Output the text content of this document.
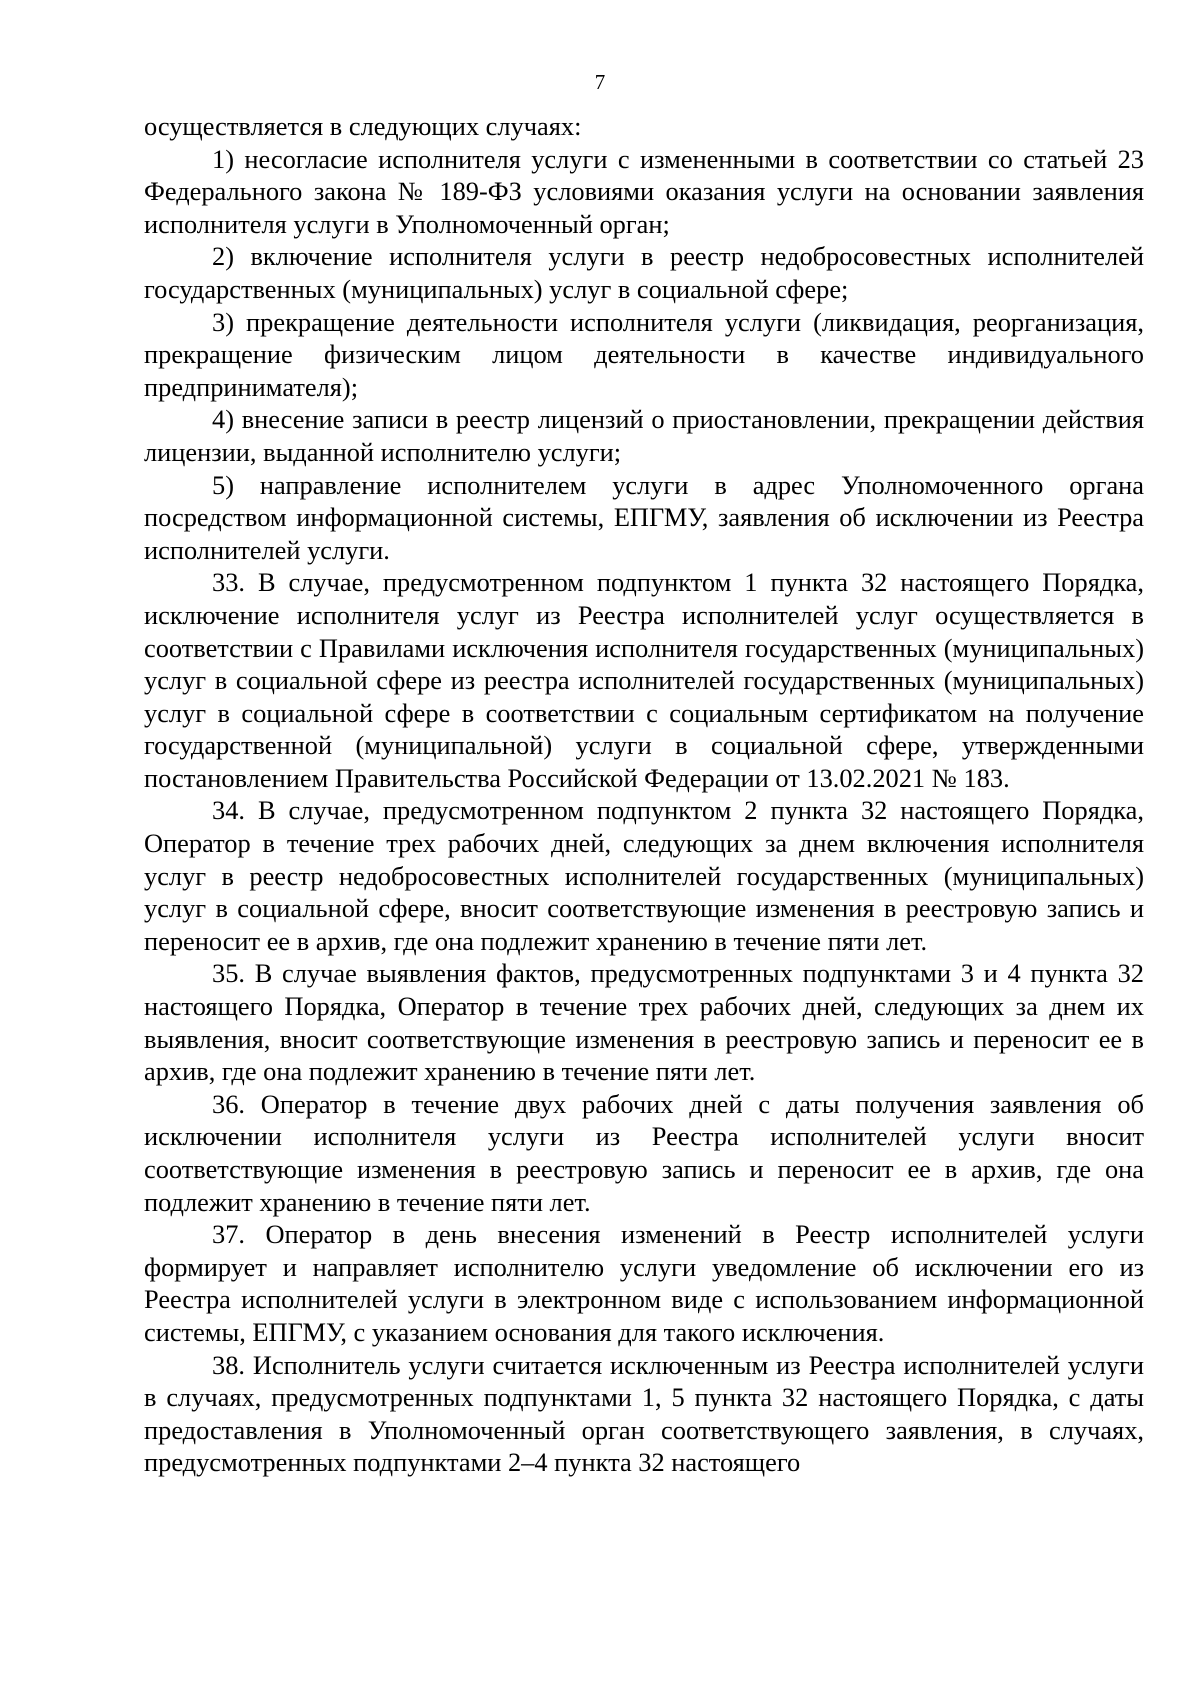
7

осуществляется в следующих случаях:

1) несогласие исполнителя услуги с измененными в соответствии со статьей 23 Федерального закона № 189-ФЗ условиями оказания услуги на основании заявления исполнителя услуги в Уполномоченный орган;

2) включение исполнителя услуги в реестр недобросовестных исполнителей государственных (муниципальных) услуг в социальной сфере;

3) прекращение деятельности исполнителя услуги (ликвидация, реорганизация, прекращение физическим лицом деятельности в качестве индивидуального предпринимателя);

4) внесение записи в реестр лицензий о приостановлении, прекращении действия лицензии, выданной исполнителю услуги;

5) направление исполнителем услуги в адрес Уполномоченного органа посредством информационной системы, ЕПГМУ, заявления об исключении из Реестра исполнителей услуги.

33. В случае, предусмотренном подпунктом 1 пункта 32 настоящего Порядка, исключение исполнителя услуг из Реестра исполнителей услуг осуществляется в соответствии с Правилами исключения исполнителя государственных (муниципальных) услуг в социальной сфере из реестра исполнителей государственных (муниципальных) услуг в социальной сфере в соответствии с социальным сертификатом на получение государственной (муниципальной) услуги в социальной сфере, утвержденными постановлением Правительства Российской Федерации от 13.02.2021 № 183.

34. В случае, предусмотренном подпунктом 2 пункта 32 настоящего Порядка, Оператор в течение трех рабочих дней, следующих за днем включения исполнителя услуг в реестр недобросовестных исполнителей государственных (муниципальных) услуг в социальной сфере, вносит соответствующие изменения в реестровую запись и переносит ее в архив, где она подлежит хранению в течение пяти лет.

35. В случае выявления фактов, предусмотренных подпунктами 3 и 4 пункта 32 настоящего Порядка, Оператор в течение трех рабочих дней, следующих за днем их выявления, вносит соответствующие изменения в реестровую запись и переносит ее в архив, где она подлежит хранению в течение пяти лет.

36. Оператор в течение двух рабочих дней с даты получения заявления об исключении исполнителя услуги из Реестра исполнителей услуги вносит соответствующие изменения в реестровую запись и переносит ее в архив, где она подлежит хранению в течение пяти лет.

37. Оператор в день внесения изменений в Реестр исполнителей услуги формирует и направляет исполнителю услуги уведомление об исключении его из Реестра исполнителей услуги в электронном виде с использованием информационной системы, ЕПГМУ, с указанием основания для такого исключения.

38. Исполнитель услуги считается исключенным из Реестра исполнителей услуги в случаях, предусмотренных подпунктами 1, 5 пункта 32 настоящего Порядка, с даты предоставления в Уполномоченный орган соответствующего заявления, в случаях, предусмотренных подпунктами 2–4 пункта 32 настоящего
